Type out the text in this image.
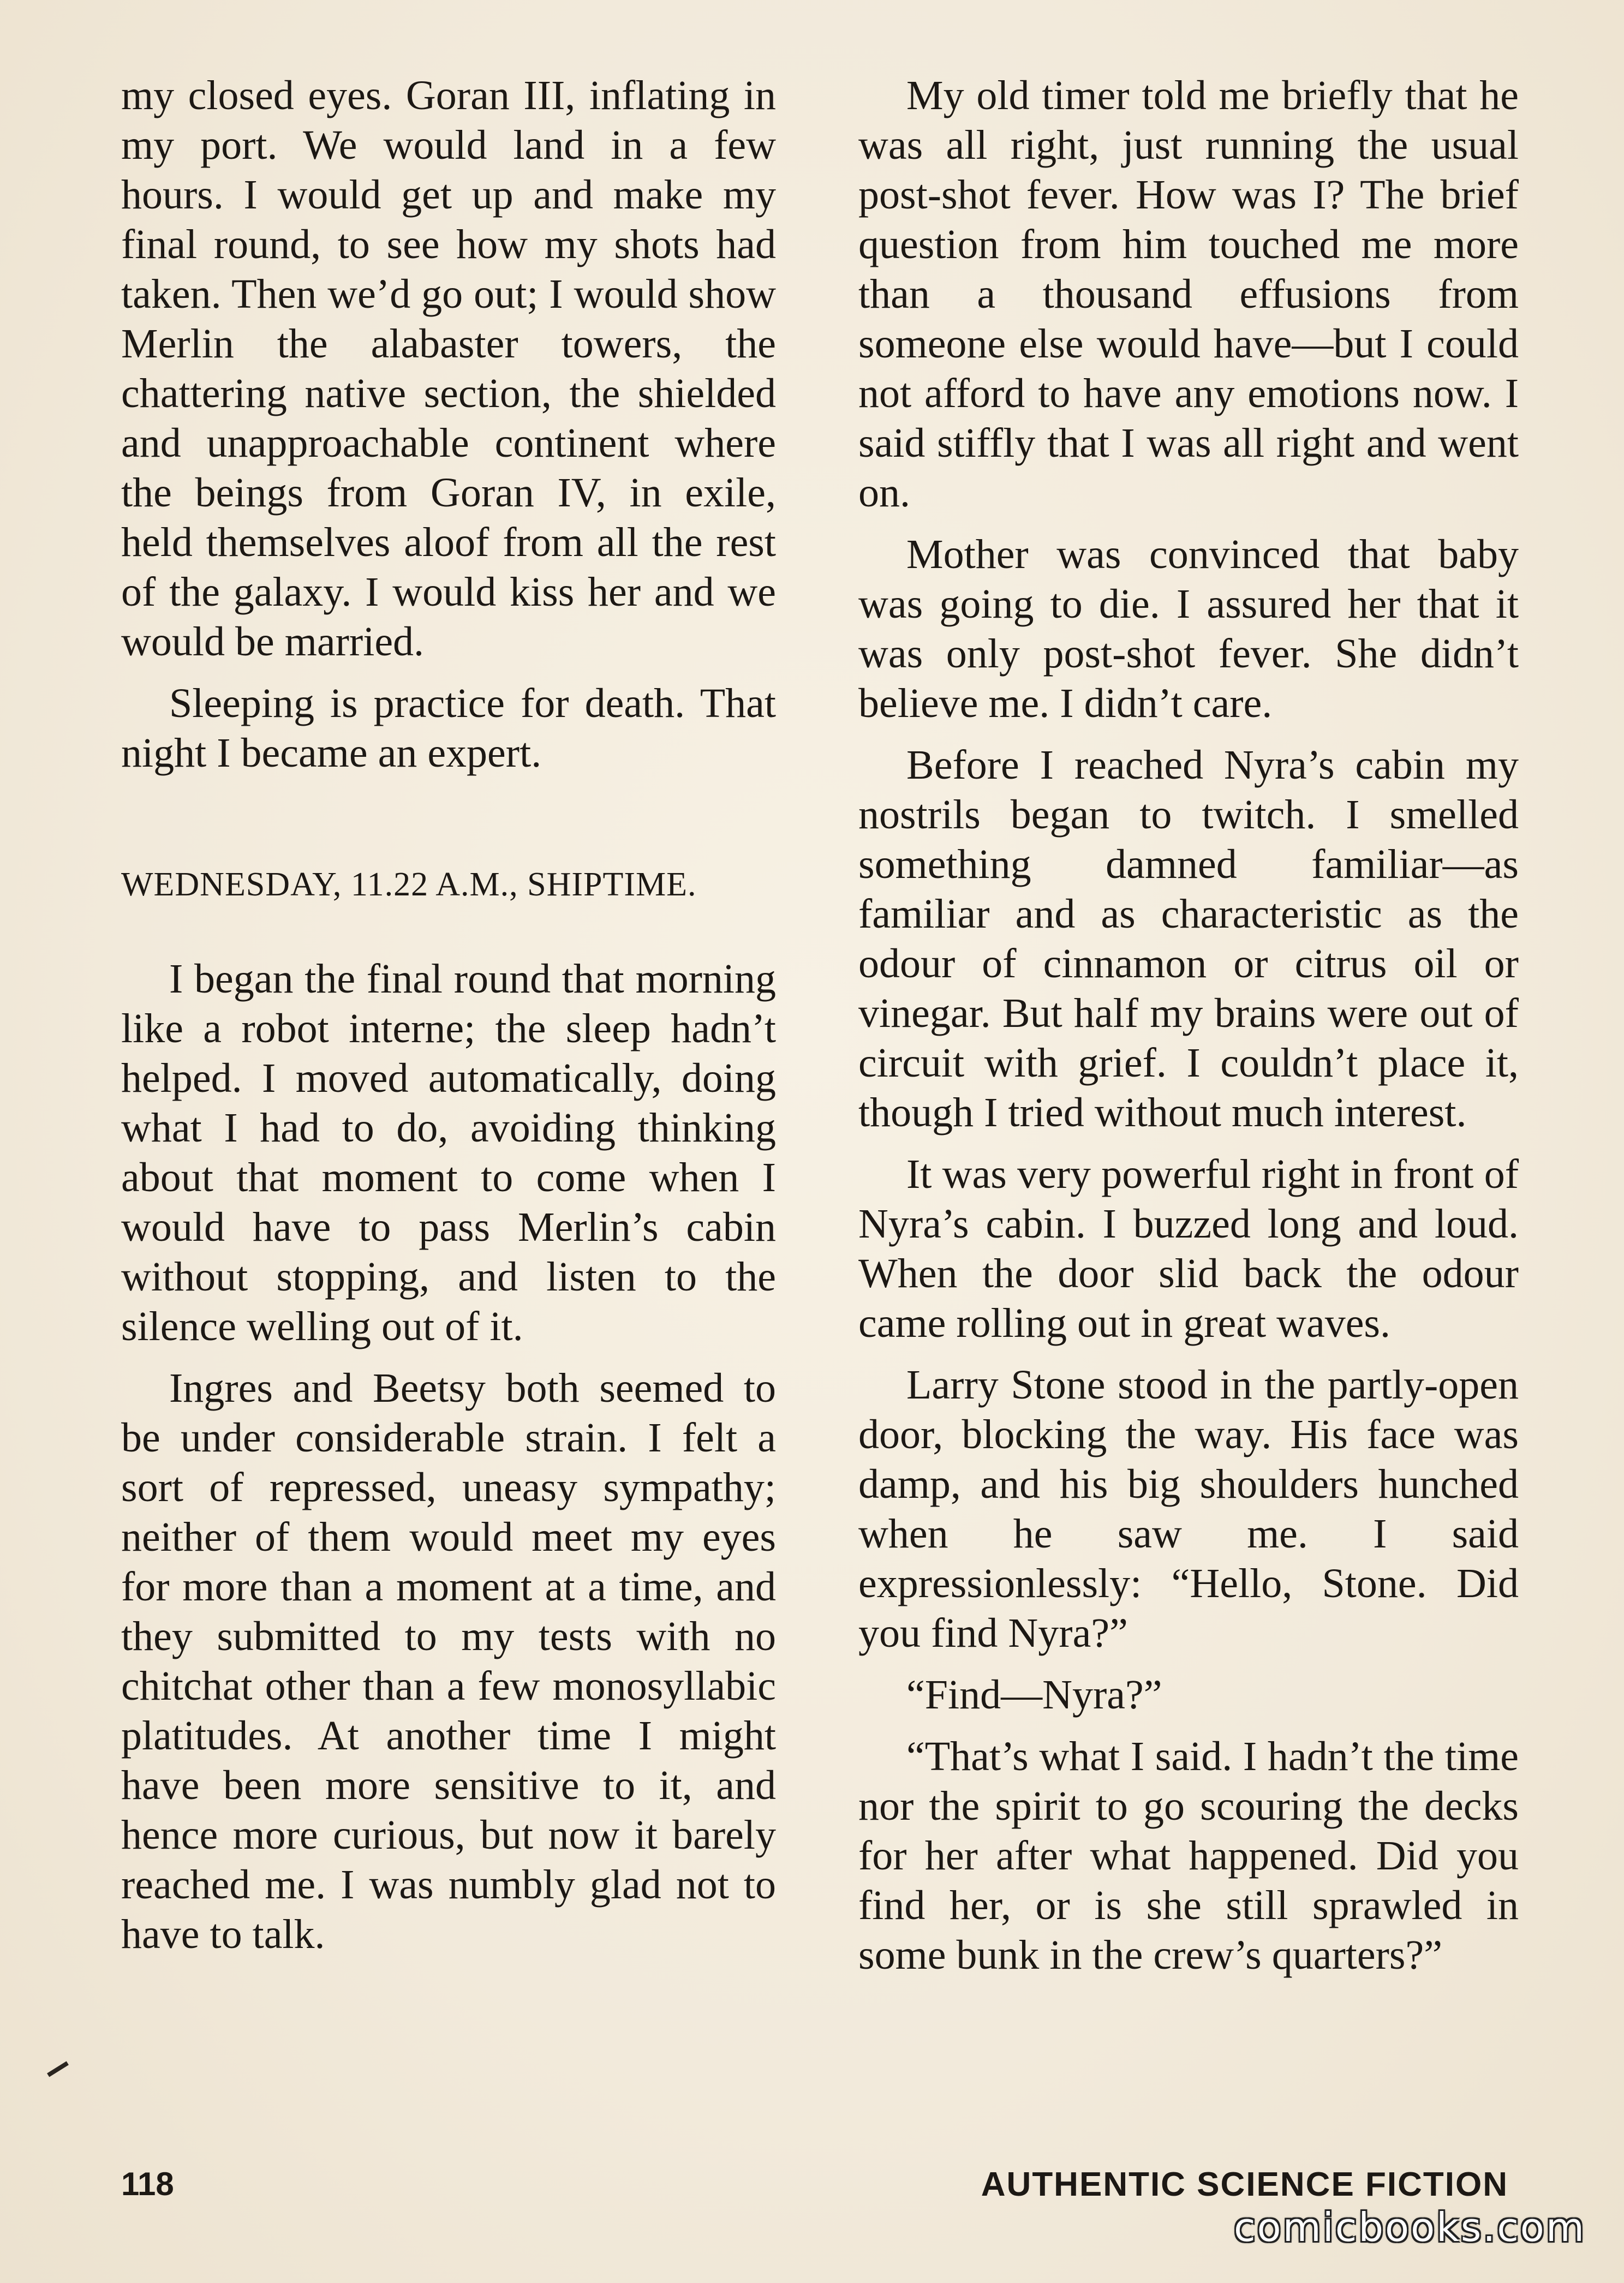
my closed eyes. Goran III, inflating in my port. We would land in a few hours. I would get up and make my final round, to see how my shots had taken. Then we’d go out; I would show Merlin the alabaster towers, the chattering native section, the shielded and unapproachable continent where the beings from Goran IV, in exile, held themselves aloof from all the rest of the galaxy. I would kiss her and we would be married.

Sleeping is practice for death. That night I became an expert.

WEDNESDAY, 11.22 A.M., SHIPTIME.

I began the final round that morning like a robot interne; the sleep hadn’t helped. I moved automatically, doing what I had to do, avoiding thinking about that moment to come when I would have to pass Merlin’s cabin without stopping, and listen to the silence welling out of it.

Ingres and Beetsy both seemed to be under considerable strain. I felt a sort of repressed, uneasy sympathy; neither of them would meet my eyes for more than a moment at a time, and they submitted to my tests with no chitchat other than a few monosyllabic platitudes. At another time I might have been more sensitive to it, and hence more curious, but now it barely reached me. I was numbly glad not to have to talk.

My old timer told me briefly that he was all right, just running the usual post-shot fever. How was I? The brief question from him touched me more than a thousand effusions from someone else would have—but I could not afford to have any emotions now. I said stiffly that I was all right and went on.

Mother was convinced that baby was going to die. I assured her that it was only post-shot fever. She didn’t believe me. I didn’t care.

Before I reached Nyra’s cabin my nostrils began to twitch. I smelled something damned familiar—as familiar and as characteristic as the odour of cinnamon or citrus oil or vinegar. But half my brains were out of circuit with grief. I couldn’t place it, though I tried without much interest.

It was very powerful right in front of Nyra’s cabin. I buzzed long and loud. When the door slid back the odour came rolling out in great waves.

Larry Stone stood in the partly-open door, blocking the way. His face was damp, and his big shoulders hunched when he saw me. I said expressionlessly: “Hello, Stone. Did you find Nyra?”

“Find—Nyra?”

“That’s what I said. I hadn’t the time nor the spirit to go scouring the decks for her after what happened. Did you find her, or is she still sprawled in some bunk in the crew’s quarters?”

118	AUTHENTIC SCIENCE FICTION
comicbooks.com
